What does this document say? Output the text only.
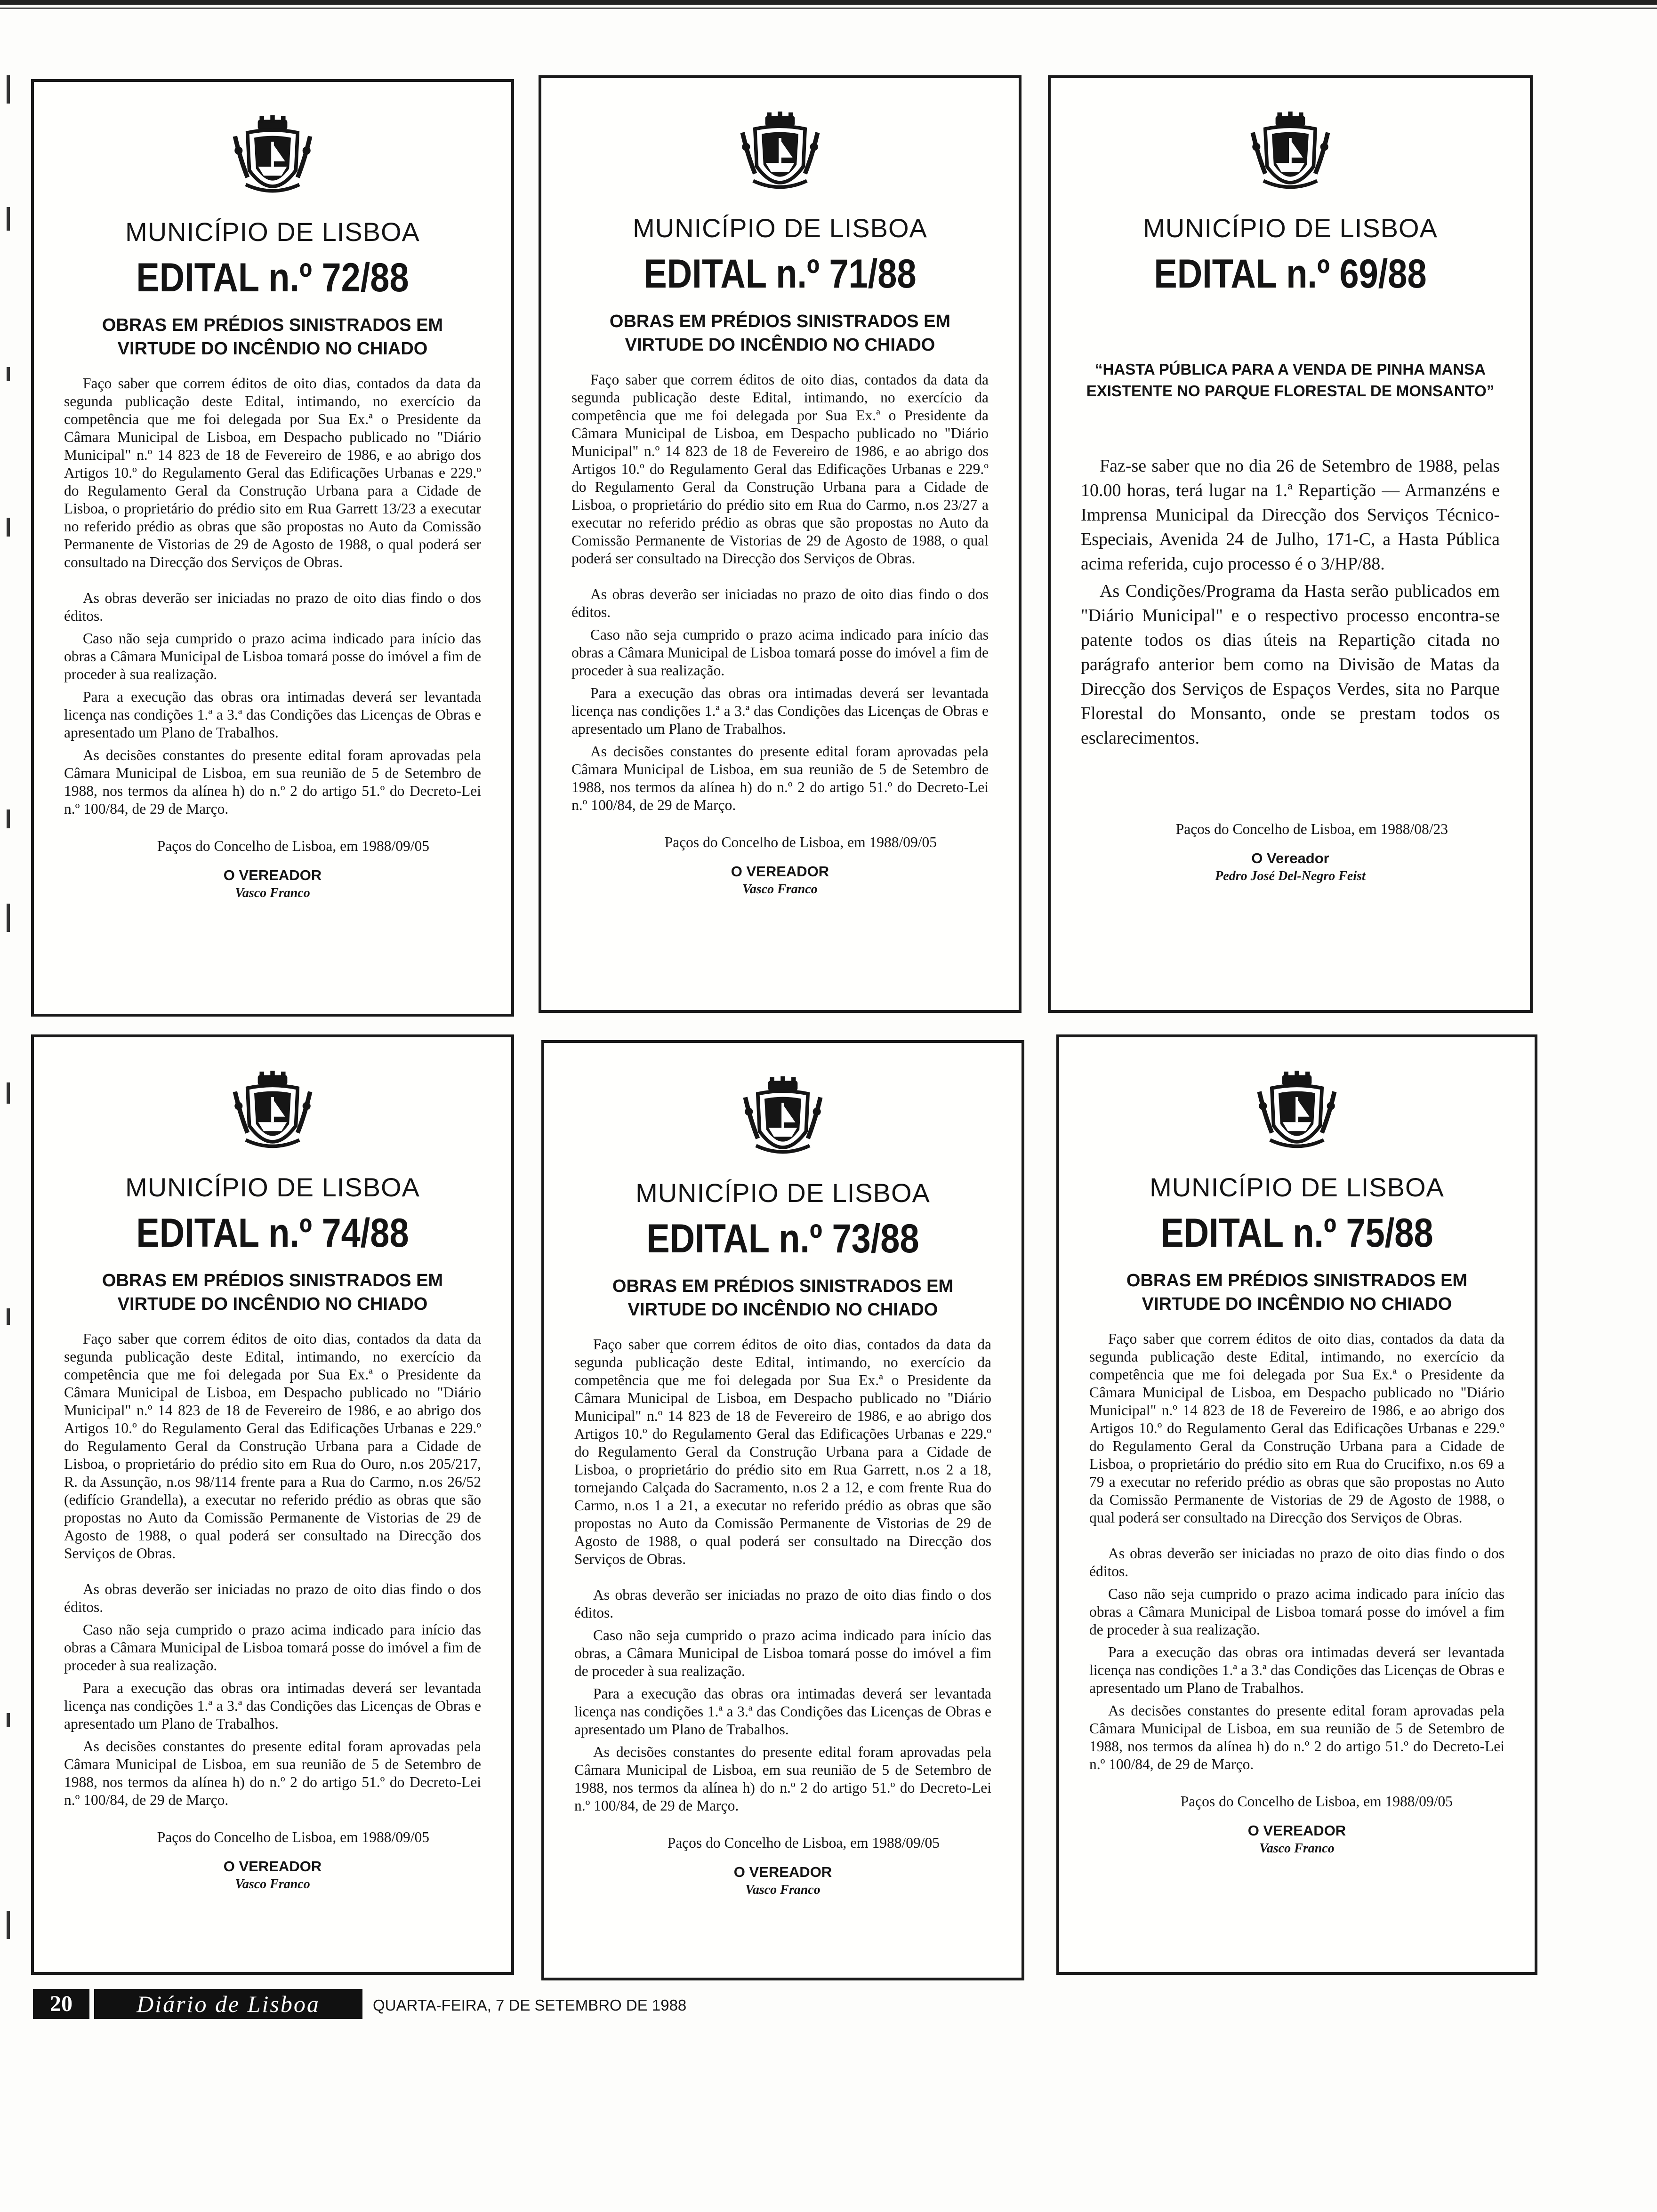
MUNICÍPIO DE LISBOA
EDITAL n.º 72/88
OBRAS EM PRÉDIOS SINISTRADOS EM VIRTUDE DO INCÊNDIO NO CHIADO

Faço saber que correm éditos de oito dias, contados da data da segunda publicação deste Edital, intimando, no exercício da competência que me foi delegada por Sua Ex.ª o Presidente da Câmara Municipal de Lisboa, em Despacho publicado no "Diário Municipal" n.º 14 823 de 18 de Fevereiro de 1986, e ao abrigo dos Artigos 10.º do Regulamento Geral das Edificações Urbanas e 229.º do Regulamento Geral da Construção Urbana para a Cidade de Lisboa, o proprietário do prédio sito em Rua Garrett 13/23 a executar no referido prédio as obras que são propostas no Auto da Comissão Permanente de Vistorias de 29 de Agosto de 1988, o qual poderá ser consultado na Direcção dos Serviços de Obras.

As obras deverão ser iniciadas no prazo de oito dias findo o dos éditos.

Caso não seja cumprido o prazo acima indicado para início das obras a Câmara Municipal de Lisboa tomará posse do imóvel a fim de proceder à sua realização.

Para a execução das obras ora intimadas deverá ser levantada licença nas condições 1.ª a 3.ª das Condições das Licenças de Obras e apresentado um Plano de Trabalhos.

As decisões constantes do presente edital foram aprovadas pela Câmara Municipal de Lisboa, em sua reunião de 5 de Setembro de 1988, nos termos da alínea h) do n.º 2 do artigo 51.º do Decreto-Lei n.º 100/84, de 29 de Março.

Paços do Concelho de Lisboa, em 1988/09/05
O VEREADOR
Vasco Franco
MUNICÍPIO DE LISBOA
EDITAL n.º 71/88
OBRAS EM PRÉDIOS SINISTRADOS EM VIRTUDE DO INCÊNDIO NO CHIADO

Faço saber que correm éditos de oito dias, contados da data da segunda publicação deste Edital, intimando, no exercício da competência que me foi delegada por Sua Ex.ª o Presidente da Câmara Municipal de Lisboa, em Despacho publicado no "Diário Municipal" n.º 14 823 de 18 de Fevereiro de 1986, e ao abrigo dos Artigos 10.º do Regulamento Geral das Edificações Urbanas e 229.º do Regulamento Geral da Construção Urbana para a Cidade de Lisboa, o proprietário do prédio sito em Rua do Carmo, n.os 23/27 a executar no referido prédio as obras que são propostas no Auto da Comissão Permanente de Vistorias de 29 de Agosto de 1988, o qual poderá ser consultado na Direcção dos Serviços de Obras.

As obras deverão ser iniciadas no prazo de oito dias findo o dos éditos.

Caso não seja cumprido o prazo acima indicado para início das obras a Câmara Municipal de Lisboa tomará posse do imóvel a fim de proceder à sua realização.

Para a execução das obras ora intimadas deverá ser levantada licença nas condições 1.ª a 3.ª das Condições das Licenças de Obras e apresentado um Plano de Trabalhos.

As decisões constantes do presente edital foram aprovadas pela Câmara Municipal de Lisboa, em sua reunião de 5 de Setembro de 1988, nos termos da alínea h) do n.º 2 do artigo 51.º do Decreto-Lei n.º 100/84, de 29 de Março.

Paços do Concelho de Lisboa, em 1988/09/05
O VEREADOR
Vasco Franco
MUNICÍPIO DE LISBOA
EDITAL n.º 69/88
“HASTA PÚBLICA PARA A VENDA DE PINHA MANSA EXISTENTE NO PARQUE FLORESTAL DE MONSANTO”

Faz-se saber que no dia 26 de Setembro de 1988, pelas 10.00 horas, terá lugar na 1.ª Repartição — Armanzéns e Imprensa Municipal da Direcção dos Serviços Técnico-Especiais, Avenida 24 de Julho, 171-C, a Hasta Pública acima referida, cujo processo é o 3/HP/88.

As Condições/Programa da Hasta serão publicados em "Diário Municipal" e o respectivo processo encontra-se patente todos os dias úteis na Repartição citada no parágrafo anterior bem como na Divisão de Matas da Direcção dos Serviços de Espaços Verdes, sita no Parque Florestal do Monsanto, onde se prestam todos os esclarecimentos.

Paços do Concelho de Lisboa, em 1988/08/23
O Vereador
Pedro José Del-Negro Feist
MUNICÍPIO DE LISBOA
EDITAL n.º 74/88
OBRAS EM PRÉDIOS SINISTRADOS EM VIRTUDE DO INCÊNDIO NO CHIADO

Faço saber que correm éditos de oito dias, contados da data da segunda publicação deste Edital, intimando, no exercício da competência que me foi delegada por Sua Ex.ª o Presidente da Câmara Municipal de Lisboa, em Despacho publicado no "Diário Municipal" n.º 14 823 de 18 de Fevereiro de 1986, e ao abrigo dos Artigos 10.º do Regulamento Geral das Edificações Urbanas e 229.º do Regulamento Geral da Construção Urbana para a Cidade de Lisboa, o proprietário do prédio sito em Rua do Ouro, n.os 205/217, R. da Assunção, n.os 98/114 frente para a Rua do Carmo, n.os 26/52 (edifício Grandella), a executar no referido prédio as obras que são propostas no Auto da Comissão Permanente de Vistorias de 29 de Agosto de 1988, o qual poderá ser consultado na Direcção dos Serviços de Obras.

As obras deverão ser iniciadas no prazo de oito dias findo o dos éditos.

Caso não seja cumprido o prazo acima indicado para início das obras a Câmara Municipal de Lisboa tomará posse do imóvel a fim de proceder à sua realização.

Para a execução das obras ora intimadas deverá ser levantada licença nas condições 1.ª a 3.ª das Condições das Licenças de Obras e apresentado um Plano de Trabalhos.

As decisões constantes do presente edital foram aprovadas pela Câmara Municipal de Lisboa, em sua reunião de 5 de Setembro de 1988, nos termos da alínea h) do n.º 2 do artigo 51.º do Decreto-Lei n.º 100/84, de 29 de Março.

Paços do Concelho de Lisboa, em 1988/09/05
O VEREADOR
Vasco Franco
MUNICÍPIO DE LISBOA
EDITAL n.º 73/88
OBRAS EM PRÉDIOS SINISTRADOS EM VIRTUDE DO INCÊNDIO NO CHIADO

Faço saber que correm éditos de oito dias, contados da data da segunda publicação deste Edital, intimando, no exercício da competência que me foi delegada por Sua Ex.ª o Presidente da Câmara Municipal de Lisboa, em Despacho publicado no "Diário Municipal" n.º 14 823 de 18 de Fevereiro de 1986, e ao abrigo dos Artigos 10.º do Regulamento Geral das Edificações Urbanas e 229.º do Regulamento Geral da Construção Urbana para a Cidade de Lisboa, o proprietário do prédio sito em Rua Garrett, n.os 2 a 18, tornejando Calçada do Sacramento, n.os 2 a 12, e com frente Rua do Carmo, n.os 1 a 21, a executar no referido prédio as obras que são propostas no Auto da Comissão Permanente de Vistorias de 29 de Agosto de 1988, o qual poderá ser consultado na Direcção dos Serviços de Obras.

As obras deverão ser iniciadas no prazo de oito dias findo o dos éditos.

Caso não seja cumprido o prazo acima indicado para início das obras, a Câmara Municipal de Lisboa tomará posse do imóvel a fim de proceder à sua realização.

Para a execução das obras ora intimadas deverá ser levantada licença nas condições 1.ª a 3.ª das Condições das Licenças de Obras e apresentado um Plano de Trabalhos.

As decisões constantes do presente edital foram aprovadas pela Câmara Municipal de Lisboa, em sua reunião de 5 de Setembro de 1988, nos termos da alínea h) do n.º 2 do artigo 51.º do Decreto-Lei n.º 100/84, de 29 de Março.

Paços do Concelho de Lisboa, em 1988/09/05
O VEREADOR
Vasco Franco
MUNICÍPIO DE LISBOA
EDITAL n.º 75/88
OBRAS EM PRÉDIOS SINISTRADOS EM VIRTUDE DO INCÊNDIO NO CHIADO

Faço saber que correm éditos de oito dias, contados da data da segunda publicação deste Edital, intimando, no exercício da competência que me foi delegada por Sua Ex.ª o Presidente da Câmara Municipal de Lisboa, em Despacho publicado no "Diário Municipal" n.º 14 823 de 18 de Fevereiro de 1986, e ao abrigo dos Artigos 10.º do Regulamento Geral das Edificações Urbanas e 229.º do Regulamento Geral da Construção Urbana para a Cidade de Lisboa, o proprietário do prédio sito em Rua do Crucifixo, n.os 69 a 79 a executar no referido prédio as obras que são propostas no Auto da Comissão Permanente de Vistorias de 29 de Agosto de 1988, o qual poderá ser consultado na Direcção dos Serviços de Obras.

As obras deverão ser iniciadas no prazo de oito dias findo o dos éditos.

Caso não seja cumprido o prazo acima indicado para início das obras a Câmara Municipal de Lisboa tomará posse do imóvel a fim de proceder à sua realização.

Para a execução das obras ora intimadas deverá ser levantada licença nas condições 1.ª a 3.ª das Condições das Licenças de Obras e apresentado um Plano de Trabalhos.

As decisões constantes do presente edital foram aprovadas pela Câmara Municipal de Lisboa, em sua reunião de 5 de Setembro de 1988, nos termos da alínea h) do n.º 2 do artigo 51.º do Decreto-Lei n.º 100/84, de 29 de Março.

Paços do Concelho de Lisboa, em 1988/09/05
O VEREADOR
Vasco Franco
20	Diário de Lisboa	QUARTA-FEIRA, 7 DE SETEMBRO DE 1988
